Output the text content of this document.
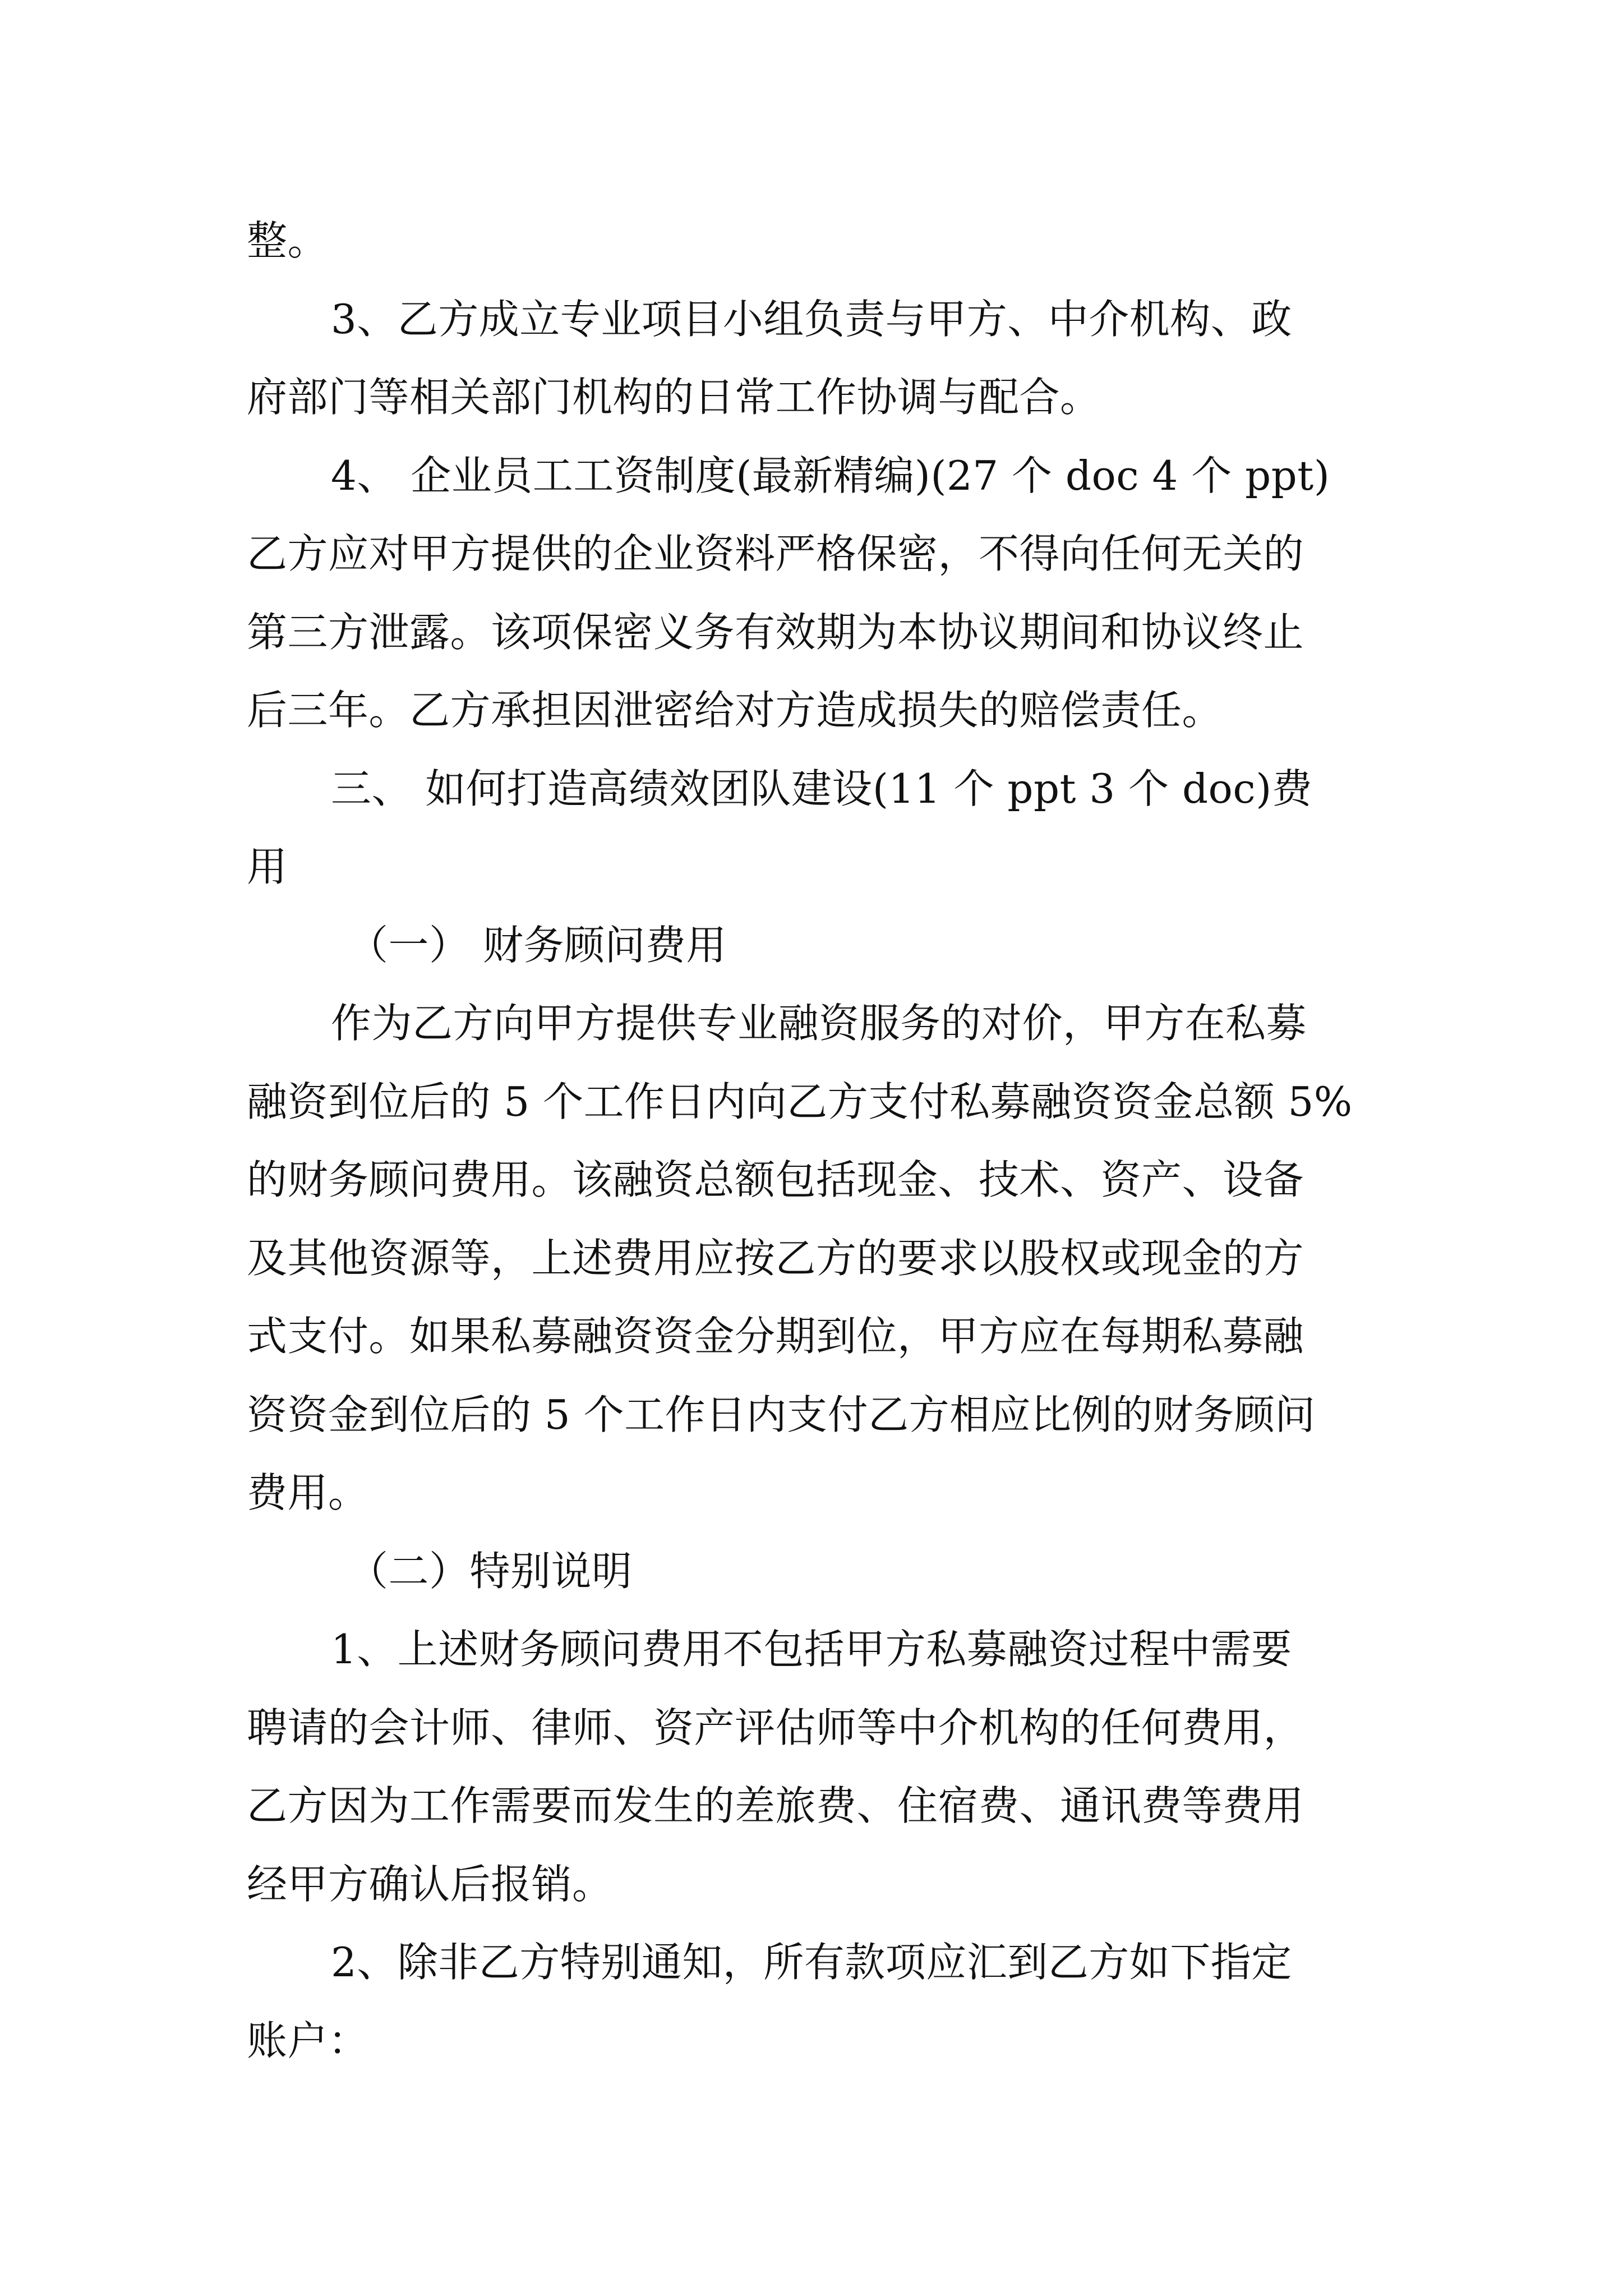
整。
3、乙方成立专业项目小组负责与甲方、中介机构、政
府部门等相关部门机构的日常工作协调与配合。
4、 企业员工工资制度(最新精编)(27 个 doc 4 个 ppt)
乙方应对甲方提供的企业资料严格保密，不得向任何无关的
第三方泄露。该项保密义务有效期为本协议期间和协议终止
后三年。乙方承担因泄密给对方造成损失的赔偿责任。
三、 如何打造高绩效团队建设(11 个 ppt 3 个 doc)费
用
（一） 财务顾问费用
作为乙方向甲方提供专业融资服务的对价，甲方在私募
融资到位后的 5 个工作日内向乙方支付私募融资资金总额 5%
的财务顾问费用。该融资总额包括现金、技术、资产、设备
及其他资源等，上述费用应按乙方的要求以股权或现金的方
式支付。如果私募融资资金分期到位，甲方应在每期私募融
资资金到位后的 5 个工作日内支付乙方相应比例的财务顾问
费用。
（二）特别说明
1、上述财务顾问费用不包括甲方私募融资过程中需要
聘请的会计师、律师、资产评估师等中介机构的任何费用，
乙方因为工作需要而发生的差旅费、住宿费、通讯费等费用
经甲方确认后报销。
2、除非乙方特别通知，所有款项应汇到乙方如下指定
账户：
